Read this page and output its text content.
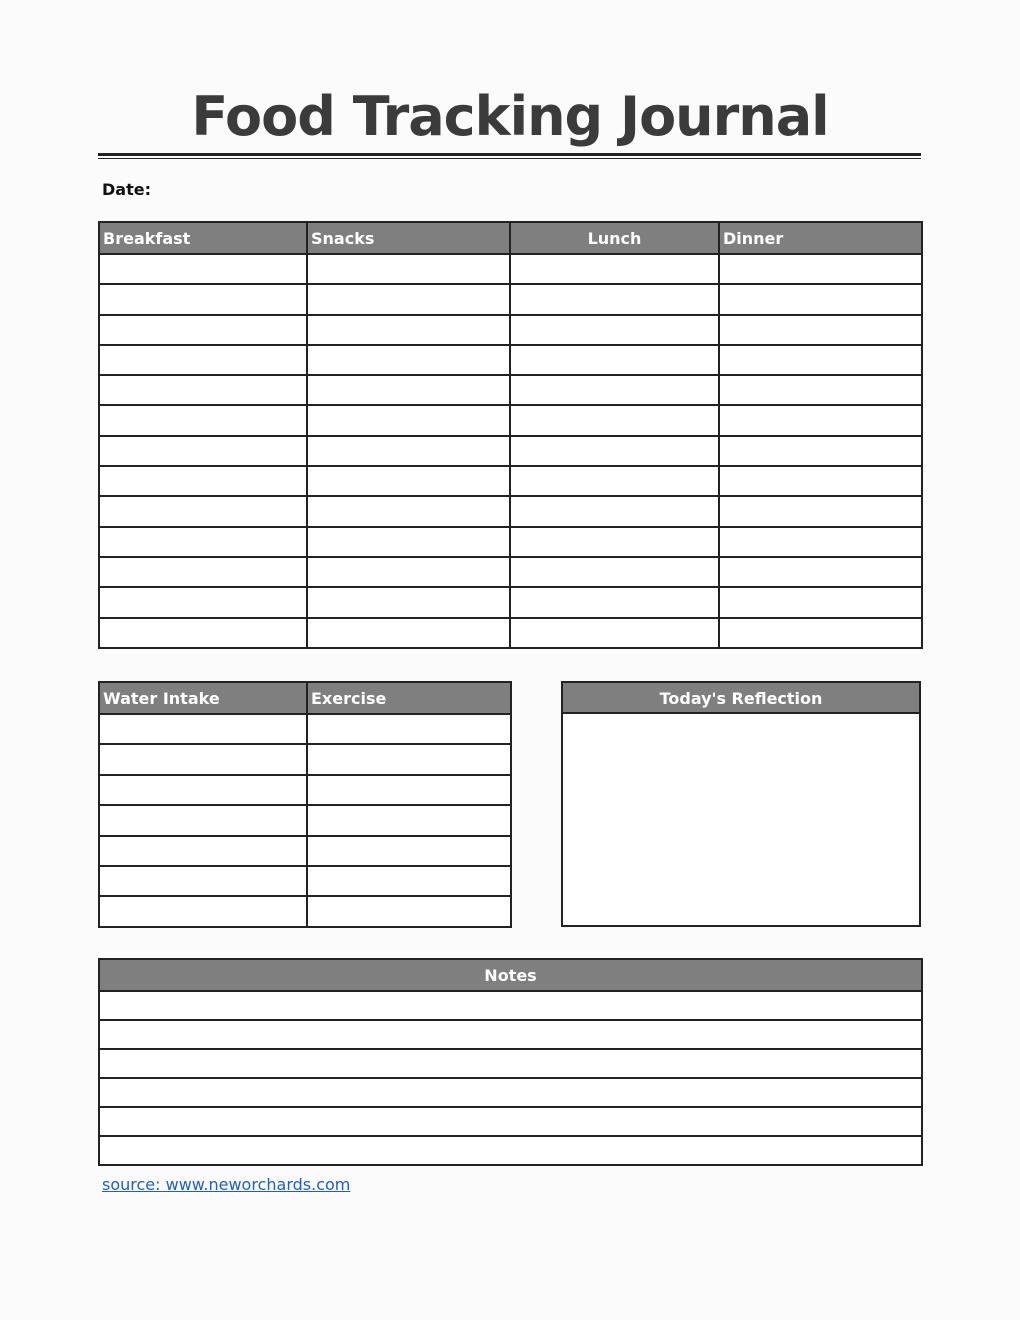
Food Tracking Journal
Date:
Breakfast	Snacks	Lunch	Dinner

Water Intake	Exercise

		Today's Reflection
Notes

source: www.neworchards.com
